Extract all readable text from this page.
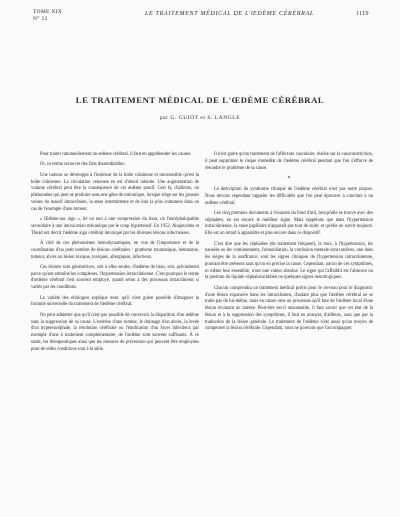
TOME XIX
N° 12
LE TRAITEMENT MÉDICAL DE L'ŒDÈME CÉRÉBRAL	1119
LE TRAITEMENT MÉDICAL DE L'ŒDÈME CÉRÉBRAL
par G. GUIOT et S. LANGLE

Pour traiter rationnellement un œdème cérébral, il faut en appréhender les causes.

Or, ce terme recouvre des faits dissemblables :

Une tumeur se développe à l'intérieur de la boîte crânienne et inextensible qu'est la boîte crânienne. La circulation veineuse en est d'abord ralentie. Une augmentation de volume cérébral peut être la conséquence de cet œdème passif. Cest là, d'ailleurs, un phénomène qui peut se produire sans une gêne de mécanique, lorsque siège sur les grosses veines du massif intracrânien, la stase intermittente et de loin la plus commune dans un cas de l'exemple d'une tumeur.

« Œdème-sac aigu », lié ou non à une compression du tissu, où l'encéphalopathie secondaire à une intoxication mécanique par le coup hypertensif. En 1952, Abajouchne et Thead ont décrit l'œdème aigu cérébral intoxiqué par les diverses lésions infectieuses.

À côté de ces phénomènes hémodynamiques, en vue de l'importance et de la coordination d'un petit nombre de lésions cérébrales : grattisme traumatique, hématome, tumeur, abcès ou lésion toxique, toxiques, allergiques, infectieux.

Ces lésions sont génératrices, soit à elles seules, d'œdème de tissu, soit, précisément parce qu'ont entraîné les complexes, l'hypertension intracrânienne. C'est pourquoi le terme d'œdème cérébral s'est souvent employé, quand selon à des processus intracrâniens si variés par les conditions.

La variété des étiologies explique donc qu'il n'est guère possible d'imaginer la formule universelle du traitement de l'œdème cérébral.

On peut admettre que qu'il n'est pas possible de concevoir la disparition d'un œdème sans la suppression de sa cause. L'exérèse d'une tumeur, le drainage d'un abcès, la levée d'un hyperencéphale, la résolution cérébrale ou l'éradication d'un foyer infectieux par exemple d'une à traitement complémentaire, de l'œdème sont souvent suffisants. À ce stade, les thérapeutiques ainsi que les mesures de prévention qui peuvent être employées pour de telles conditions sont à la série.

Il n'est guère qu'un traitement de l'affection vasculaire, réalisé sur la vasoconstriction, il peut supprimer le risque immédiat de l'œdème cérébral pendant que l'on s'efforce de résoudre le problème de sa cause.

*

Le description du syndrome clinique de l'œdème cérébral n'est pas notre propos. Nous devons cependant rappeler les difficultés que l'on peut éprouver à conclure à un œdème cérébral.

Les cinq premiers documents à l'examen du fond d'œil, lorsqu'elle se trouve avec des céphalées, en est encore le meilleur signe. Mais rappelons que dans l'hypertension intracrânienne, la stase papillaire n'apparaît pas tout de suite; et qu'elle ne survit toujours. Elle est un retard à apparaître et plus encore dans ce dispositif.

C'est dire que les céphalées (de traitement fréquent), la toux, à l'hypertension, les nausées ou les vomissements, l'obnubilation, la confusion mentale sont tardives, une dans les sièges de la souffrance, sont les signes cliniques de l'hypertension intracrânienne, pouvant être présents sans qu'on en précise la cause. Cependant, aucun de ces symptômes, ni même leur ensemble, n'ont une valeur absolue. Le signe qui l'affaiblit est l'absence ou la position du liquide céphalorachidien ou quelques signes neurologiques.

Chacun comprendra un traitement médical précis pour le cerveau pour le diagnostic d'une lésion expansive dans les intracrâniens, d'autant plus que l'œdème cérébral ne se traite pas de lui-même, mais en raison sera un processus qu'il faut de l'œdème local d'une lésion évoluant ou latente. Peut-être est-il raisonnable, il faut savoir que cet état de la lésion et à la suppression des symptômes, il faut en avancer, d'ailleurs, sans que par la traduction de la lésion générale. Le traitement de l'œdème n'est aussi qu'un moyen de compenser la lésion cérébrale. Cependant, nous ne pouvons que l'accompagner.
